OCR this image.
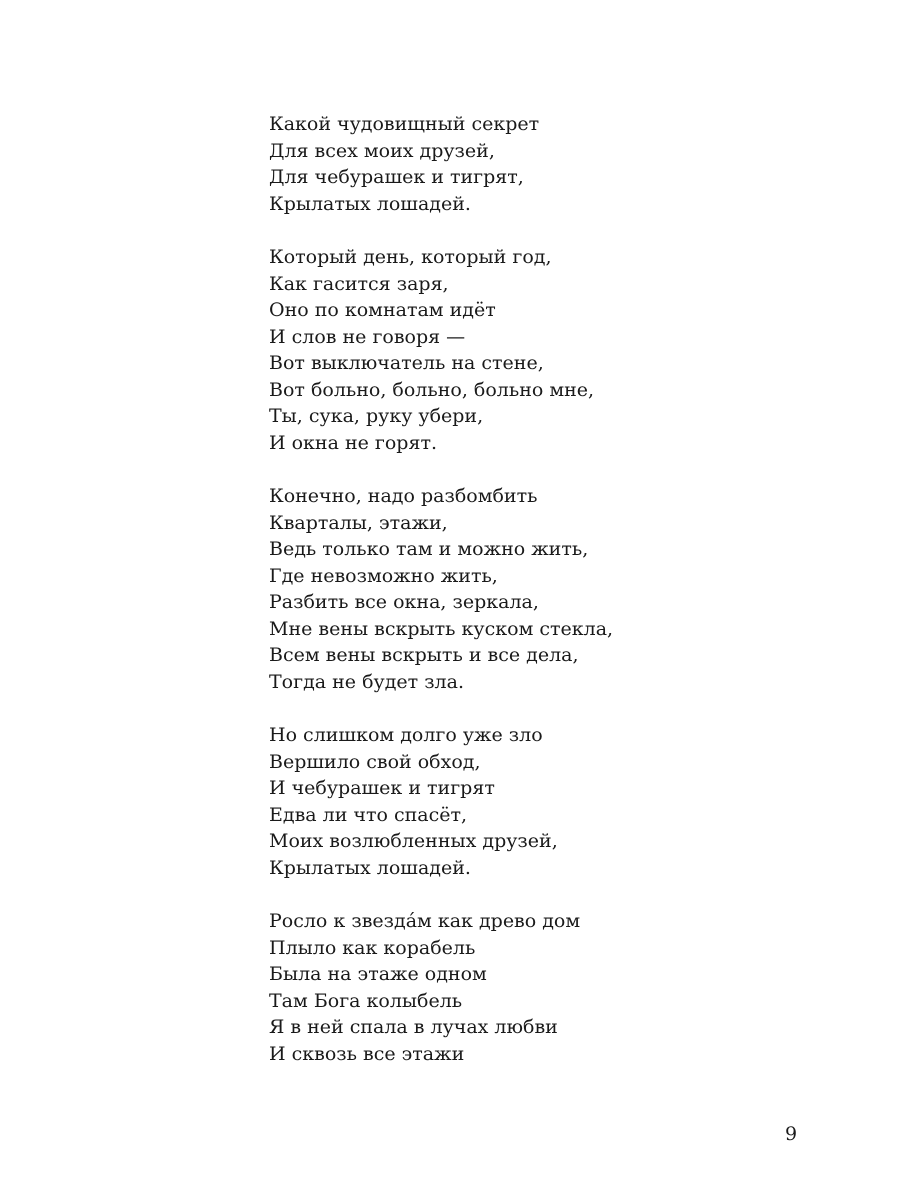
Какой чудовищный секрет
Для всех моих друзей,
Для чебурашек и тигрят,
Крылатых лошадей.
Который день, который год,
Как гасится заря,
Оно по комнатам идёт
И слов не говоря —
Вот выключатель на стене,
Вот больно, больно, больно мне,
Ты, сука, руку убери,
И окна не горят.
Конечно, надо разбомбить
Кварталы, этажи,
Ведь только там и можно жить,
Где невозможно жить,
Разбить все окна, зеркала,
Мне вены вскрыть куском стекла,
Всем вены вскрыть и все дела,
Тогда не будет зла.
Но слишком долго уже зло
Вершило свой обход,
И чебурашек и тигрят
Едва ли что спасёт,
Моих возлюбленных друзей,
Крылатых лошадей.
Росло к звезда́м как древо дом
Плыло как корабель
Была на этаже одном
Там Бога колыбель
Я в ней спала в лучах любви
И сквозь все этажи
9
